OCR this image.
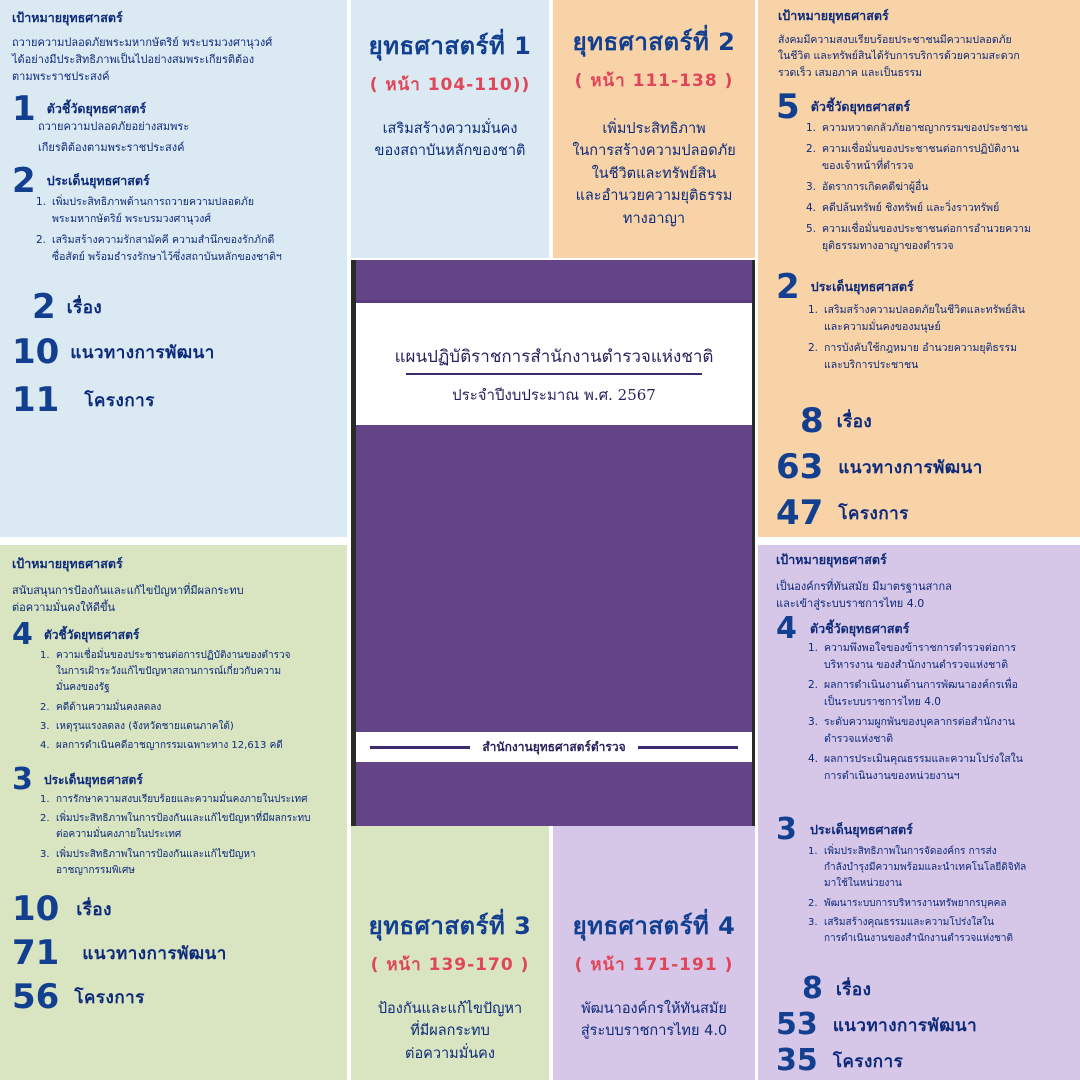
ยุทธศาสตร์ที่ 1
( หน้า 104-110))
เสริมสร้างความมั่นคง
ของสถาบันหลักของชาติ
ยุทธศาสตร์ที่ 2
( หน้า 111-138 )
เพิ่มประสิทธิภาพ
ในการสร้างความปลอดภัย
ในชีวิตและทรัพย์สิน
และอำนวยความยุติธรรม
ทางอาญา
ยุทธศาสตร์ที่ 3
( หน้า 139-170 )
ป้องกันและแก้ไขปัญหา
ที่มีผลกระทบ
ต่อความมั่นคง
ยุทธศาสตร์ที่ 4
( หน้า 171-191 )
พัฒนาองค์กรให้ทันสมัย
สู่ระบบราชการไทย 4.0
แผนปฏิบัติราชการสำนักงานตำรวจแห่งชาติ
ประจำปีงบประมาณ พ.ศ. 2567
สำนักงานยุทธศาสตร์ตำรวจ
เป้าหมายยุทธศาสตร์
ถวายความปลอดภัยพระมหากษัตริย์ พระบรมวงศานุวงศ์
ได้อย่างมีประสิทธิภาพเป็นไปอย่างสมพระเกียรติต้อง
ตามพระราชประสงค์
1 ตัวชี้วัดยุทธศาสตร์
ถวายความปลอดภัยอย่างสมพระ
เกียรติต้องตามพระราชประสงค์
2 ประเด็นยุทธศาสตร์
1. เพิ่มประสิทธิภาพด้านการถวายความปลอดภัย
พระมหากษัตริย์ พระบรมวงศานุวงศ์
2. เสริมสร้างความรักสามัคคี ความสำนึกของรักภักดี
ซื่อสัตย์ พร้อมธำรงรักษาไว้ซึ่งสถาบันหลักของชาติฯ
2 เรื่อง
10 แนวทางการพัฒนา
11 โครงการ
เป้าหมายยุทธศาสตร์
สังคมมีความสงบเรียบร้อยประชาชนมีความปลอดภัย
ในชีวิต และทรัพย์สินได้รับการบริการด้วยความสะดวก
รวดเร็ว เสมอภาค และเป็นธรรม
5 ตัวชี้วัดยุทธศาสตร์
1. ความหวาดกลัวภัยอาชญากรรมของประชาชน
2. ความเชื่อมั่นของประชาชนต่อการปฏิบัติงาน
ของเจ้าหน้าที่ตำรวจ
3. อัตราการเกิดคดีฆ่าผู้อื่น
4. คดีปล้นทรัพย์ ชิงทรัพย์ และวิ่งราวทรัพย์
5. ความเชื่อมั่นของประชาชนต่อการอำนวยความ
ยุติธรรมทางอาญาของตำรวจ
2 ประเด็นยุทธศาสตร์
1. เสริมสร้างความปลอดภัยในชีวิตและทรัพย์สิน
และความมั่นคงของมนุษย์
2. การบังคับใช้กฎหมาย อำนวยความยุติธรรม
และบริการประชาชน
8 เรื่อง
63 แนวทางการพัฒนา
47 โครงการ
เป้าหมายยุทธศาสตร์
สนับสนุนการป้องกันและแก้ไขปัญหาที่มีผลกระทบ
ต่อความมั่นคงให้ดีขึ้น
4 ตัวชี้วัดยุทธศาสตร์
1. ความเชื่อมั่นของประชาชนต่อการปฏิบัติงานของตำรวจ
ในการเฝ้าระวังแก้ไขปัญหาสถานการณ์เกี่ยวกับความ
มั่นคงของรัฐ
2. คดีด้านความมั่นคงลดลง
3. เหตุรุนแรงลดลง (จังหวัดชายแดนภาคใต้)
4. ผลการดำเนินคดีอาชญากรรมเฉพาะทาง 12,613 คดี
3 ประเด็นยุทธศาสตร์
1. การรักษาความสงบเรียบร้อยและความมั่นคงภายในประเทศ
2. เพิ่มประสิทธิภาพในการป้องกันและแก้ไขปัญหาที่มีผลกระทบ
ต่อความมั่นคงภายในประเทศ
3. เพิ่มประสิทธิภาพในการป้องกันและแก้ไขปัญหา
อาชญากรรมพิเศษ
10 เรื่อง
71 แนวทางการพัฒนา
56 โครงการ
เป้าหมายยุทธศาสตร์
เป็นองค์กรที่ทันสมัย มีมาตรฐานสากล
และเข้าสู่ระบบราชการไทย 4.0
4 ตัวชี้วัดยุทธศาสตร์
1. ความพึงพอใจของข้าราชการตำรวจต่อการ
บริหารงาน ของสำนักงานตำรวจแห่งชาติ
2. ผลการดำเนินงานด้านการพัฒนาองค์กรเพื่อ
เป็นระบบราชการไทย 4.0
3. ระดับความผูกพันของบุคลากรต่อสำนักงาน
ตำรวจแห่งชาติ
4. ผลการประเมินคุณธรรมและความโปร่งใสใน
การดำเนินงานของหน่วยงานฯ
3 ประเด็นยุทธศาสตร์
1. เพิ่มประสิทธิภาพในการจัดองค์กร การส่ง
กำลังบำรุงมีความพร้อมและนำเทคโนโลยีดิจิทัล
มาใช้ในหน่วยงาน
2. พัฒนาระบบการบริหารงานทรัพยากรบุคคล
3. เสริมสร้างคุณธรรมและความโปร่งใสใน
การดำเนินงานของสำนักงานตำรวจแห่งชาติ
8 เรื่อง
53 แนวทางการพัฒนา
35 โครงการ
